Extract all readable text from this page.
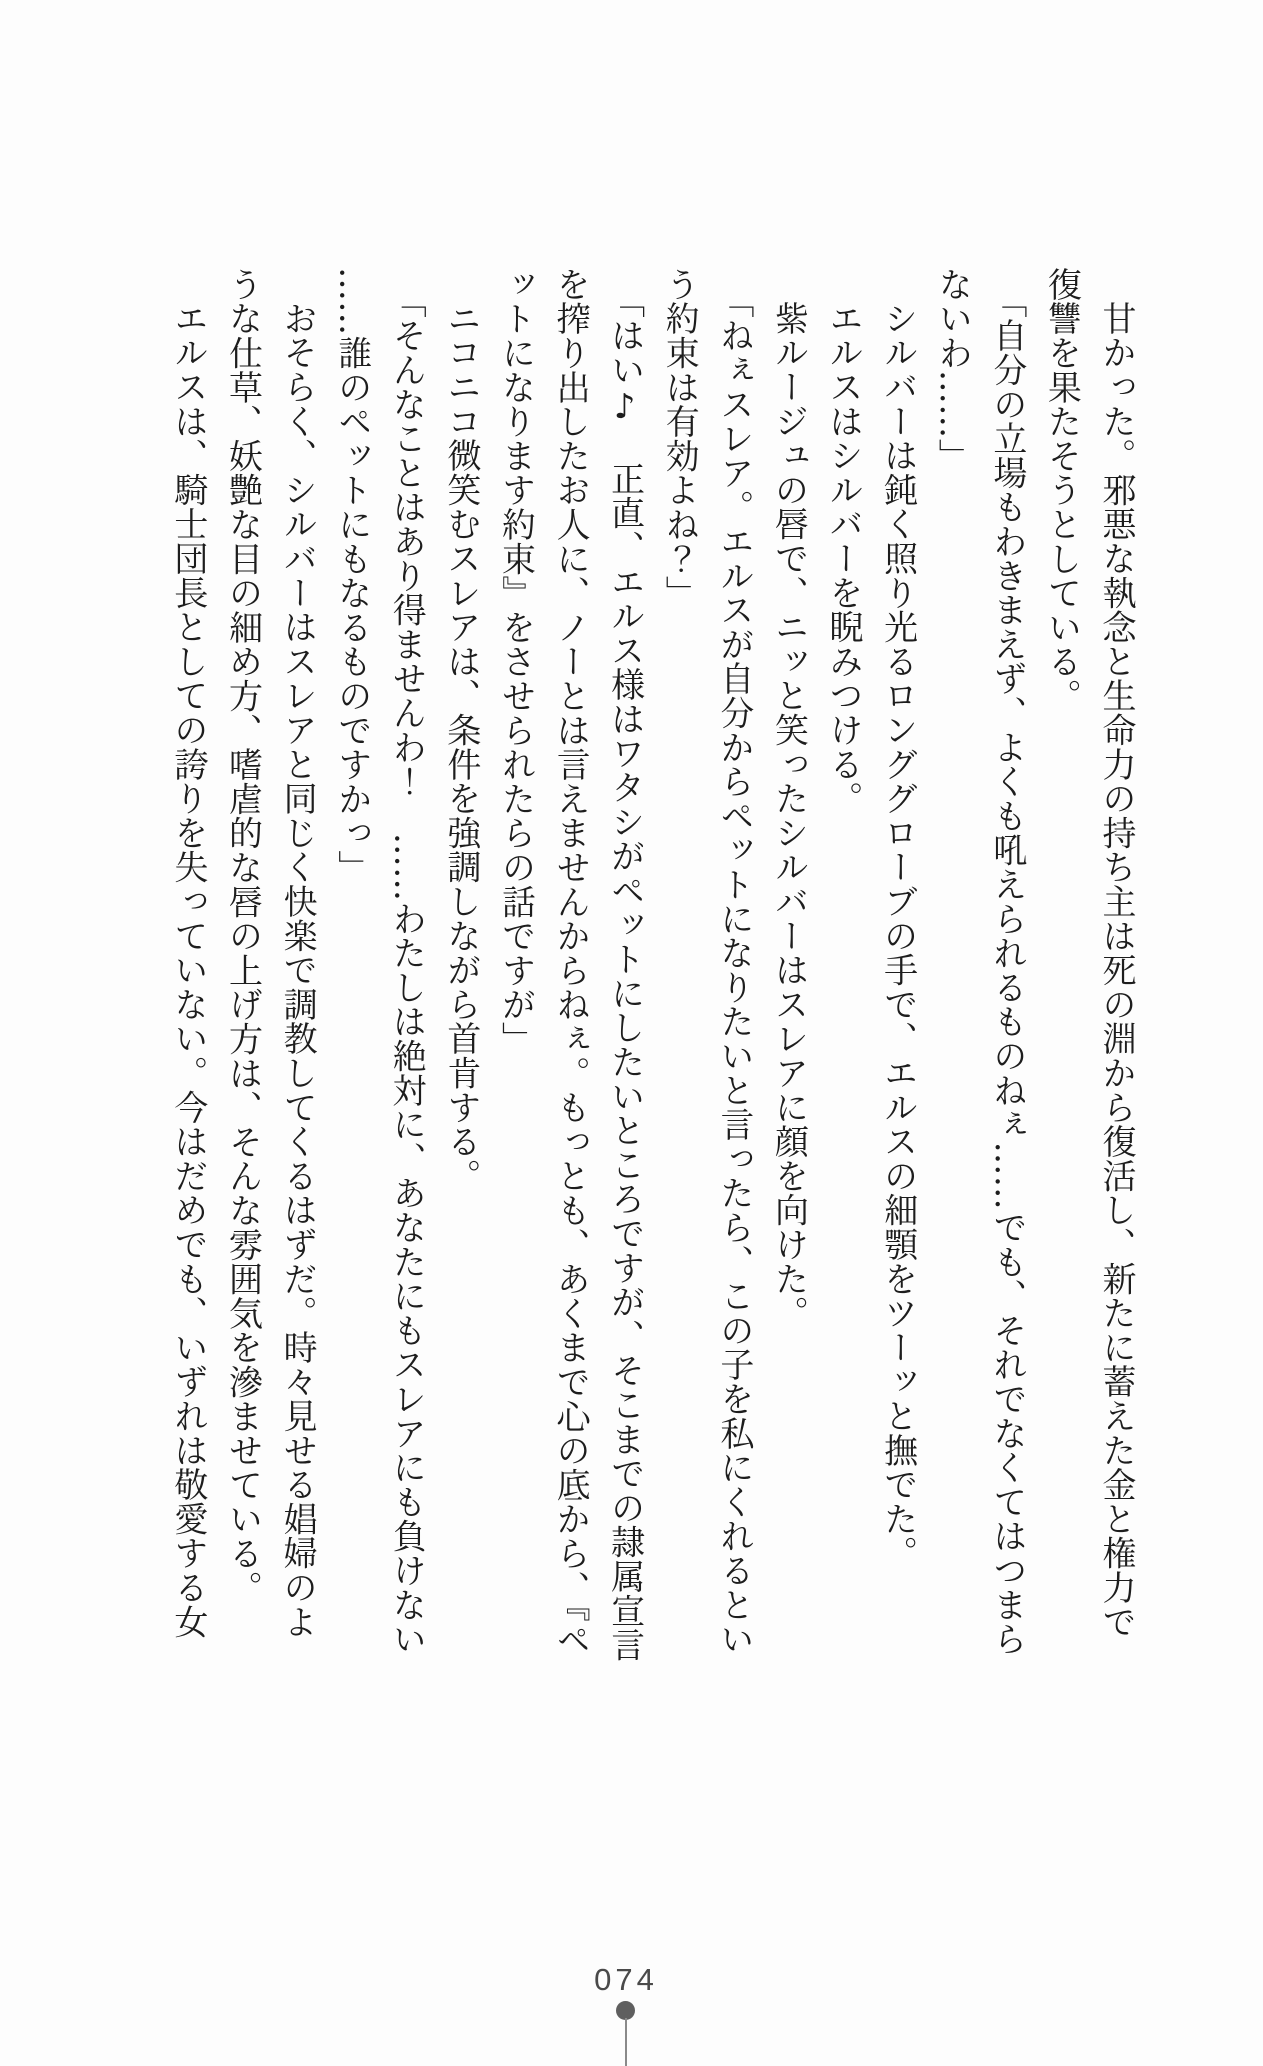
甘かった。邪悪な執念と生命力の持ち主は死の淵から復活し、新たに蓄えた金と権力で

復讐を果たそうとしている。

「自分の立場もわきまえず、よくも吼えられるものねぇ……でも、それでなくてはつまら

ないわ……」

シルバーは鈍く照り光るロンググローブの手で、エルスの細顎をツーッと撫でた。

エルスはシルバーを睨みつける。

紫ルージュの唇で、ニッと笑ったシルバーはスレアに顔を向けた。

「ねぇスレア。エルスが自分からペットになりたいと言ったら、この子を私にくれるとい

う約束は有効よね？」

「はい♪　正直、エルス様はワタシがペットにしたいところですが、そこまでの隷属宣言

を搾り出したお人に、ノーとは言えませんからねぇ。もっとも、あくまで心の底から、『ペ

ットになります約束』をさせられたらの話ですが」

ニコニコ微笑むスレアは、条件を強調しながら首肯する。

「そんなことはあり得ませんわ！　……わたしは絶対に、あなたにもスレアにも負けない

……誰のペットにもなるものですかっ」

おそらく、シルバーはスレアと同じく快楽で調教してくるはずだ。時々見せる娼婦のよ

うな仕草、妖艶な目の細め方、嗜虐的な唇の上げ方は、そんな雰囲気を滲ませている。

エルスは、騎士団長としての誇りを失っていない。今はだめでも、いずれは敬愛する女

074
